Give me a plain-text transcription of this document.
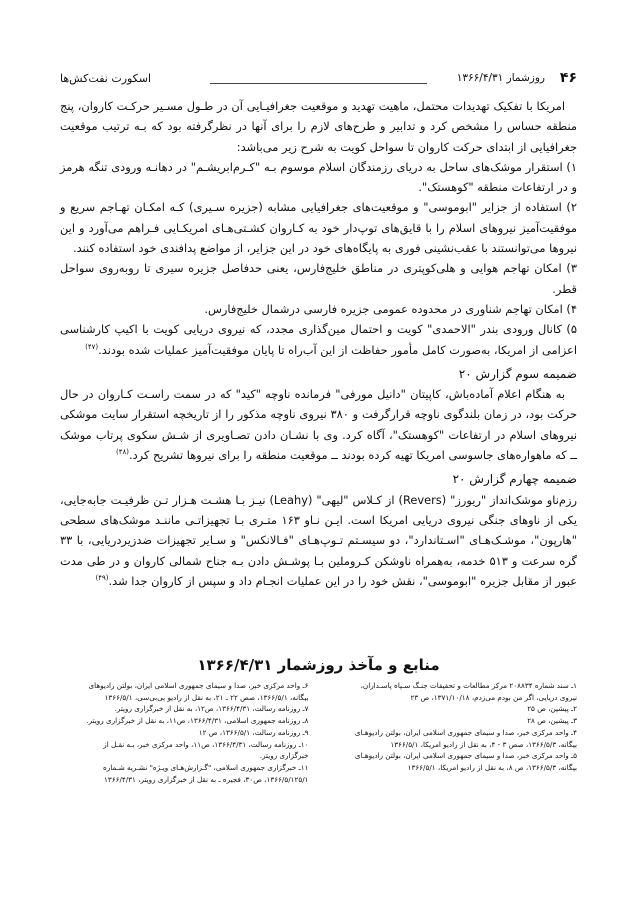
۴۶
روزشمار ۱۳۶۶/۴/۳۱
اسکورت نفت‌کش‌ها

امریکا با تفکیک تهدیدات محتمل، ماهیت تهدید و موقعیت جغرافیـایی آن در طـول مسـیر حرکـت کاروان، پنج منطقه حساس را مشخص کرد و تدابیر و طرح‌های لازم را برای آنها در نظرگرفته بود که بـه ترتیب موقعیت جغرافیایی از ابتدای حرکت کاروان تا سواحل کویت به شرح زیر می‌باشد:

۱) استقرار موشک‌های ساحل به دریای رزمندگان اسلام موسوم بـه "کـرم‌ابریشـم" در دهانـه ورودی تنگه هرمز و در ارتفاعات منطقه "کوهستک".

۲) استفاده از جزایر "ابوموسی" و موقعیت‌های جغرافیایی مشابه (جزیره سـیری) کـه امکـان تهـاجم سریع و موفقیت‌آمیز نیروهای اسلام را با قایق‌های توپ‌دار خود به کـاروان کشـتی‌هـای امریکـایی فـراهم می‌آورد و این نیروها می‌توانستند با عقب‌نشینی فوری به پایگاه‌های خود در این جزایر، از مواضع پدافندی خود استفاده کنند.

۳) امکان تهاجم هوایی و هلی‌کوپتری در مناطق خلیج‌فارس، یعنی حدفاصل جزیره سیری تا روبه‌روی سواحل قطر.

۴) امکان تهاجم شناوری در محدوده عمومی جزیره فارسی درشمال خلیج‌فارس.

۵) کانال ورودی بندر "الاحمدی" کویت و احتمال مین‌گذاری مجدد، که نیروی دریایی کویت با اکیپ کارشناسی اعزامی از امریکا، به‌صورت کامل مأمور حفاظت از این آب‌راه تا پایان موفقیت‌آمیز عملیات شده بودند.$^{(۴۷)}$

ضمیمه سوم گزارش ۲۰

به هنگام اعلام آماده‌باش، کاپیتان "دانیل مورفی" فرمانده ناوچه "کید" که در سمت راسـت کـاروان در حال حرکت بود، در زمان بلندگوی ناوچه قرارگرفت و ۳۸۰ نیروی ناوچه مذکور را از تاریخچه استقرار سایت موشکی نیروهای اسلام در ارتفاعات "کوهستک"، آگاه کرد. وی با نشـان دادن تصـاویری از شـش سکوی پرتاب موشک ــ که ماهواره‌های جاسوسی امریکا تهیه کرده بودند ــ موقعیت منطقه را برای نیروها تشریح کرد.$^{(۴۸)}$

ضمیمه چهارم گزارش ۲۰

رزم‌ناو موشک‌انداز "ریورز" (Revers) از کـلاس "لیهی" (Leahy) نیـز بـا هشـت هـزار تـن ظرفیـت جابه‌جایی، یکی از ناوهای جنگی نیروی دریایی امریکا است. ایـن نـاو ۱۶۳ متـری بـا تجهیزاتـی ماننـد موشک‌های سطحی "هارپون"، موشـک‌هـای "اسـتاندارد"، دو سیسـتم تـوپ‌هـای "فـالانکس" و سـایر تجهیزات ضدزیردریایی، با ۳۳ گره سرعت و ۵۱۳ خدمه، به‌همراه ناوشکن کـروملین بـا پوشـش دادن بـه جناح شمالی کاروان و در طی مدت عبور از مقابل جزیره "ابوموسی"، نقش خود را در این عملیات انجـام داد و سپس از کاروان جدا شد.$^{(۴۹)}$

منابع و مآخذ روزشمار ۱۳۶۶/۴/۳۱
۱ـ سند شماره ۲۰۸۸۳۴ مرکز مطالعات و تحقیقات جنـگ سـپاه پاسـداران،
نیروی دریایی، اگر من بودم می‌زدم، ۱۳۷۱/۱۰/۱۸، ص ۲۳
۲ـ پیشین، ص ۲۵
۳ـ پیشین، ص ۲۸
۴ـ واحد مرکزی خبر، صدا و سیمای جمهوری اسلامی ایران، بولتن رادیوهـای
بیگانه، ۱۳۶۶/۵/۳، صص ۳ - ۴، به نقل از رادیو امریکا، ۱۳۶۶/۵/۱
۵ـ واحد مرکزی خبر، صدا و سیمای جمهوری اسلامی ایران، بولتن رادیوهـای
بیگانه، ۱۳۶۶/۵/۳، ص ۸، به نقل از رادیو امریکا، ۱۳۶۶/۵/۱
۶ـ واحد مرکزی خبر، صدا و سیمای جمهوری اسلامی ایران، بولتن رادیوهای
بیگانه، ۱۳۶۶/۵/۱، صص ۲۲ ـ ۲۱، به نقل از رادیو بی‌بی‌سی، ۱۳۶۶/۵/۱
۷ـ روزنامه رسالت، ۱۳۶۶/۴/۳۱، ص۱۲، به نقل از خبرگزاری رویتر.
۸ـ روزنامه جمهوری اسلامی، ۱۳۶۶/۴/۳۱، ص۱۱، به نقل از خبرگزاری رویتر.
۹ـ روزنامه رسالت، ۱۳۶۶/۵/۱، ص ۱۲
۱۰ـ روزنامه رسالت، ۱۳۶۶/۴/۳۱، ص۱۱، واحد مرکزی خبر، بـه نقـل از
خبرگزاری رویتر.
۱۱ـ خبرگزاری جمهوری اسلامی، "گـزارش‌هـای ویـژه" نشـریه شـماره
۱۳۶۶/۵/۱۲۵/۱، ص۳۰، فجیره ـ به نقل از خبرگزاری رویتر، ۱۳۶۶/۴/۳۱
